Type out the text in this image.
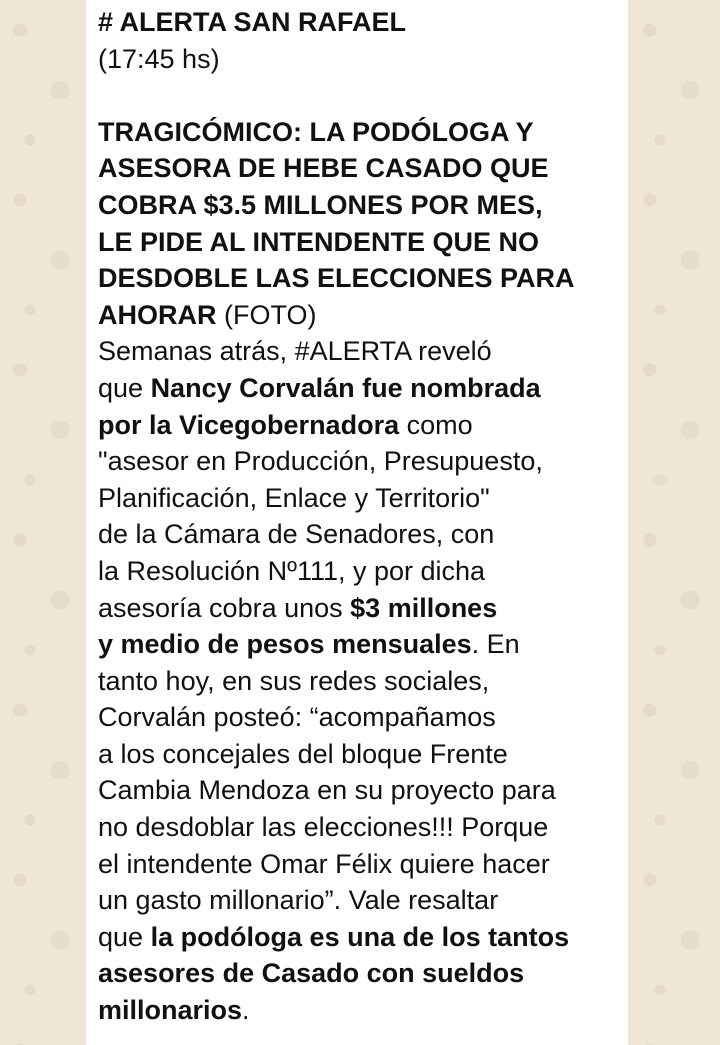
# ALERTA SAN RAFAEL
(17:45 hs)
TRAGICÓMICO: LA PODÓLOGA Y
ASESORA DE HEBE CASADO QUE
COBRA $3.5 MILLONES POR MES,
LE PIDE AL INTENDENTE QUE NO
DESDOBLE LAS ELECCIONES PARA
AHORAR (FOTO)
Semanas atrás, #ALERTA reveló
que Nancy Corvalán fue nombrada
por la Vicegobernadora como
"asesor en Producción, Presupuesto,
Planificación, Enlace y Territorio"
de la Cámara de Senadores, con
la Resolución Nº111, y por dicha
asesoría cobra unos $3 millones
y medio de pesos mensuales. En
tanto hoy, en sus redes sociales,
Corvalán posteó: “acompañamos
a los concejales del bloque Frente
Cambia Mendoza en su proyecto para
no desdoblar las elecciones!!! Porque
el intendente Omar Félix quiere hacer
un gasto millonario”. Vale resaltar
que la podóloga es una de los tantos
asesores de Casado con sueldos
millonarios.
